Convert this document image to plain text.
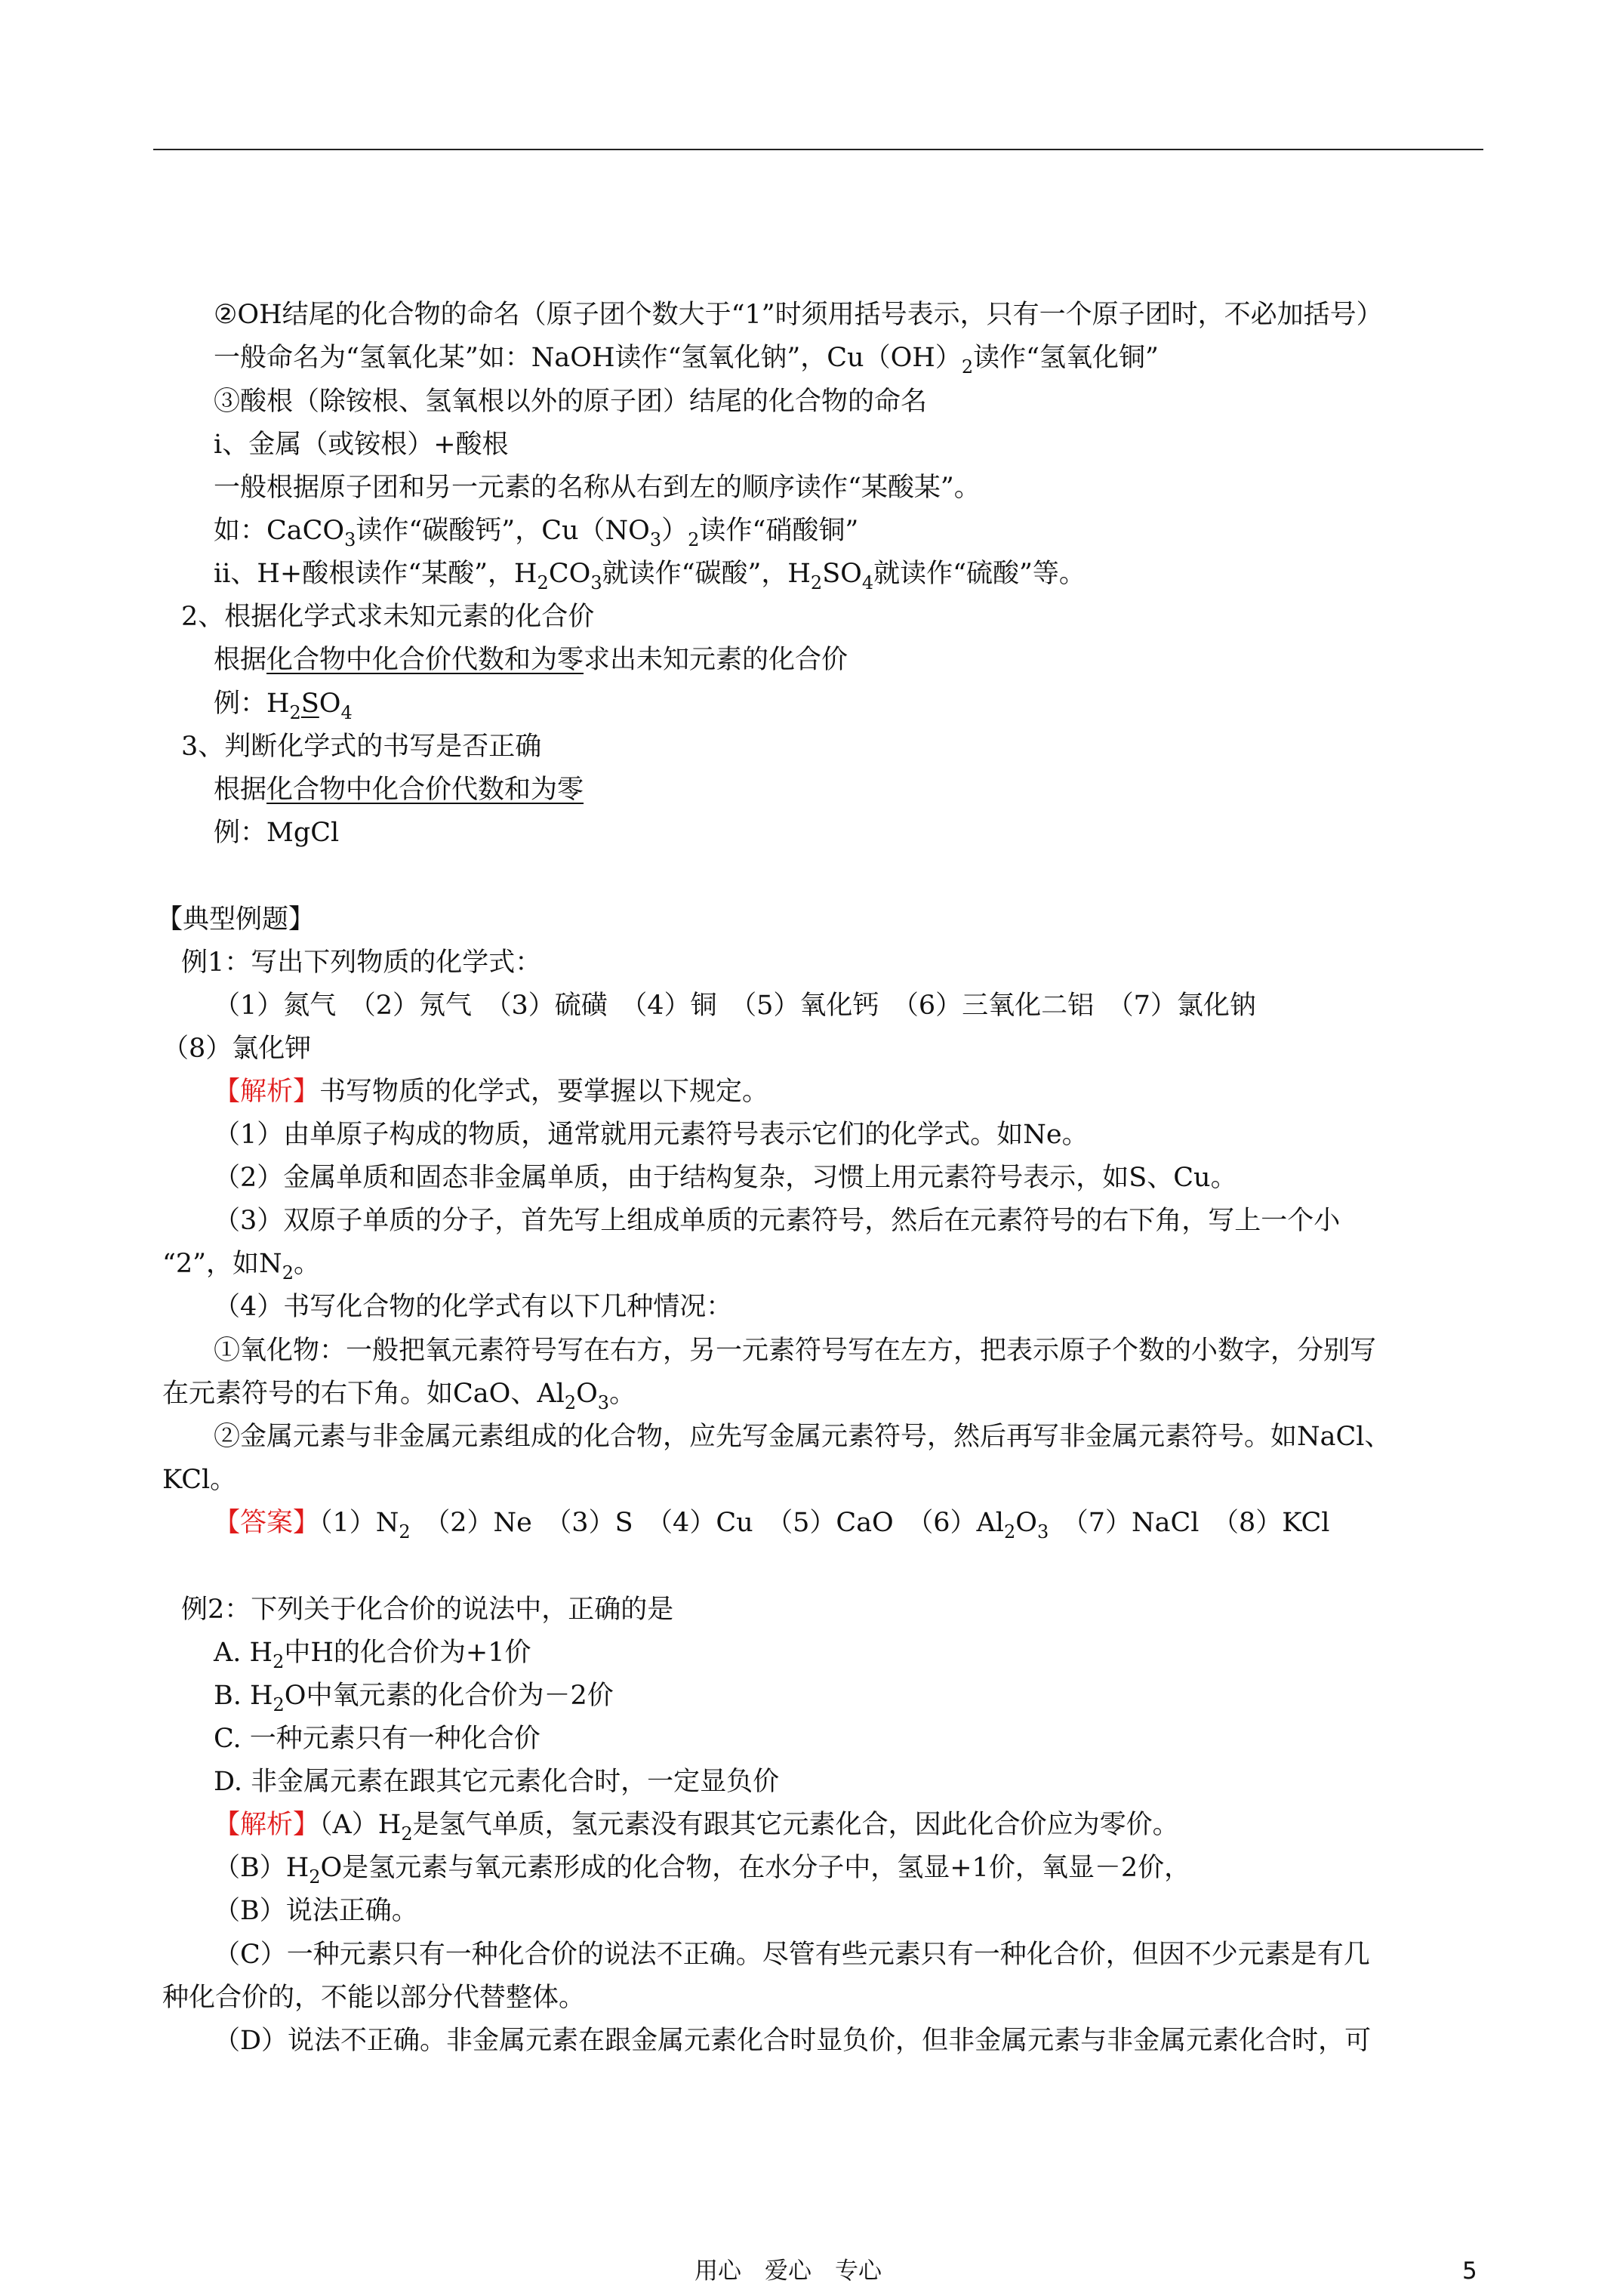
②OH结尾的化合物的命名（原子团个数大于“1”时须用括号表示，只有一个原子团时，不必加括号）
一般命名为“氢氧化某”如：NaOH读作“氢氧化钠”，$Cu(OH)_2$读作“氢氧化铜”
③酸根（除铵根、氢氧根以外的原子团）结尾的化合物的命名
ⅰ、金属（或铵根）+酸根
一般根据原子团和另一元素的名称从右到左的顺序读作“某酸某”。
如：CaCO$_3$读作“碳酸钙”，$Cu(NO_3)_2$读作“硝酸铜”
ⅱ、H+酸根读作“某酸”，$H_2CO_3$就读作“碳酸”，$H_2SO_4$就读作“硫酸”等。
2、根据化学式求未知元素的化合价
根据化合物中化合价代数和为零求出未知元素的化合价
例：$H_2SO_4$
3、判断化学式的书写是否正确
根据化合物中化合价代数和为零
例：MgCl
【典型例题】
例1：写出下列物质的化学式：
（1）氮气　（2）氖气　（3）硫磺　（4）铜　（5）氧化钙　（6）三氧化二铝　（7）氯化钠
（8）氯化钾
【解析】书写物质的化学式，要掌握以下规定。
（1）由单原子构成的物质，通常就用元素符号表示它们的化学式。如Ne。
（2）金属单质和固态非金属单质，由于结构复杂，习惯上用元素符号表示，如S、Cu。
（3）双原子单质的分子，首先写上组成单质的元素符号，然后在元素符号的右下角，写上一个小
“2”，如$N_2$。
（4）书写化合物的化学式有以下几种情况：
①氧化物：一般把氧元素符号写在右方，另一元素符号写在左方，把表示原子个数的小数字，分别写
在元素符号的右下角。如CaO、$Al_2O_3$。
②金属元素与非金属元素组成的化合物，应先写金属元素符号，然后再写非金属元素符号。如NaCl、
KCl。
【答案】$(1)N_2$　（2）Ne　（3）S　（4）Cu　（5）CaO　$(6)Al_2O_3$　（7）NaCl　（8）KCl
例2：下列关于化合价的说法中，正确的是
A. $H_2$中H的化合价为+1价
B. $H_2O$中氧元素的化合价为－2价
C. 一种元素只有一种化合价
D. 非金属元素在跟其它元素化合时，一定显负价
【解析】$(A)H_2$是氢气单质，氢元素没有跟其它元素化合，因此化合价应为零价。
$(B)H_2O$是氢元素与氧元素形成的化合物，在水分子中，氢显+1价，氧显－2价，
（B）说法正确。
（C）一种元素只有一种化合价的说法不正确。尽管有些元素只有一种化合价，但因不少元素是有几
种化合价的，不能以部分代替整体。
（D）说法不正确。非金属元素在跟金属元素化合时显负价，但非金属元素与非金属元素化合时，可
用心　爱心　专心	5
